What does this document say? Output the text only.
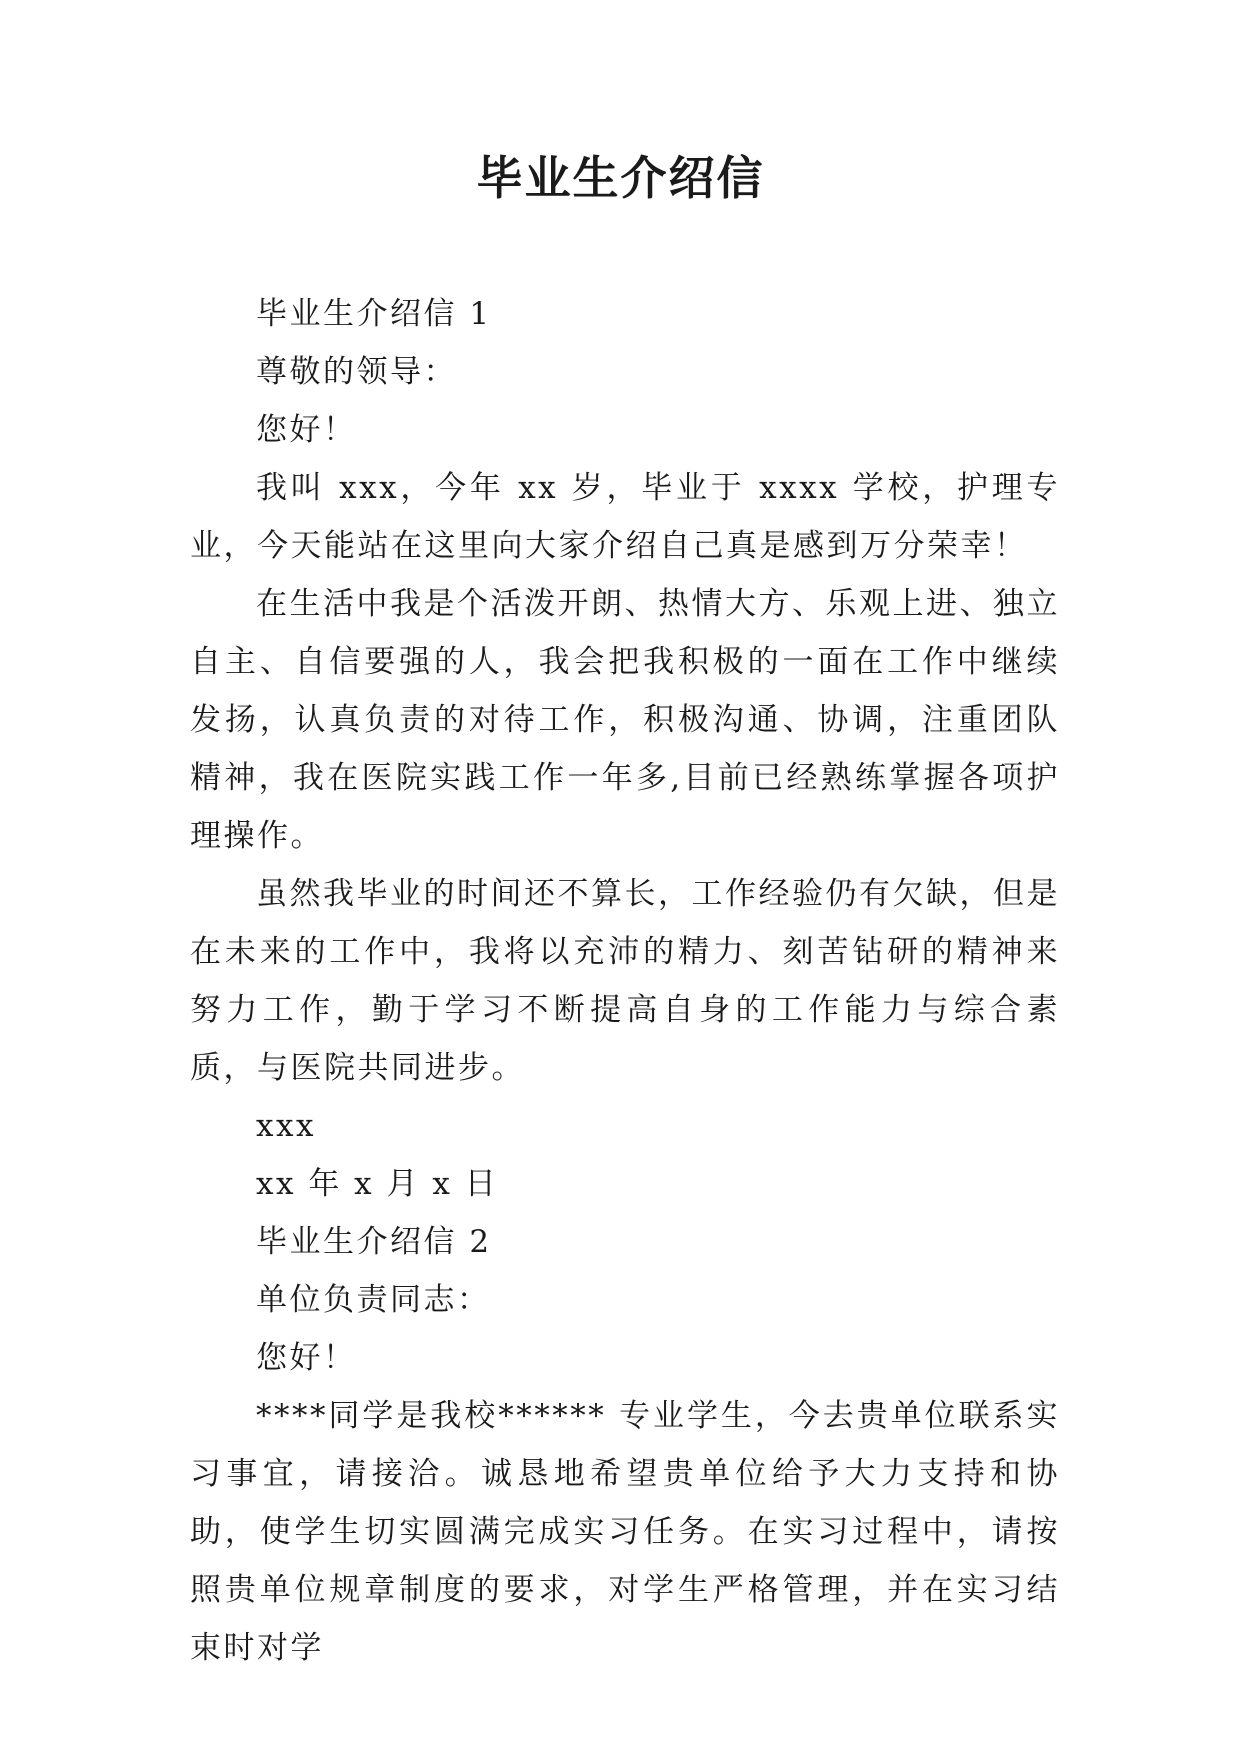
毕业生介绍信

毕业生介绍信 1

尊敬的领导：

您好！

我叫 xxx，今年 xx 岁，毕业于 xxxx 学校，护理专业，今天能站在这里向大家介绍自己真是感到万分荣幸！

在生活中我是个活泼开朗、热情大方、乐观上进、独立自主、自信要强的人，我会把我积极的一面在工作中继续发扬，认真负责的对待工作，积极沟通、协调，注重团队精神，我在医院实践工作一年多,目前已经熟练掌握各项护理操作。

虽然我毕业的时间还不算长，工作经验仍有欠缺，但是在未来的工作中，我将以充沛的精力、刻苦钻研的精神来努力工作，勤于学习不断提高自身的工作能力与综合素质，与医院共同进步。

xxx

xx 年 x 月 x 日

毕业生介绍信 2

单位负责同志：

您好！

****同学是我校****** 专业学生，今去贵单位联系实习事宜，请接洽。诚恳地希望贵单位给予大力支持和协助，使学生切实圆满完成实习任务。在实习过程中，请按照贵单位规章制度的要求，对学生严格管理，并在实习结束时对学
